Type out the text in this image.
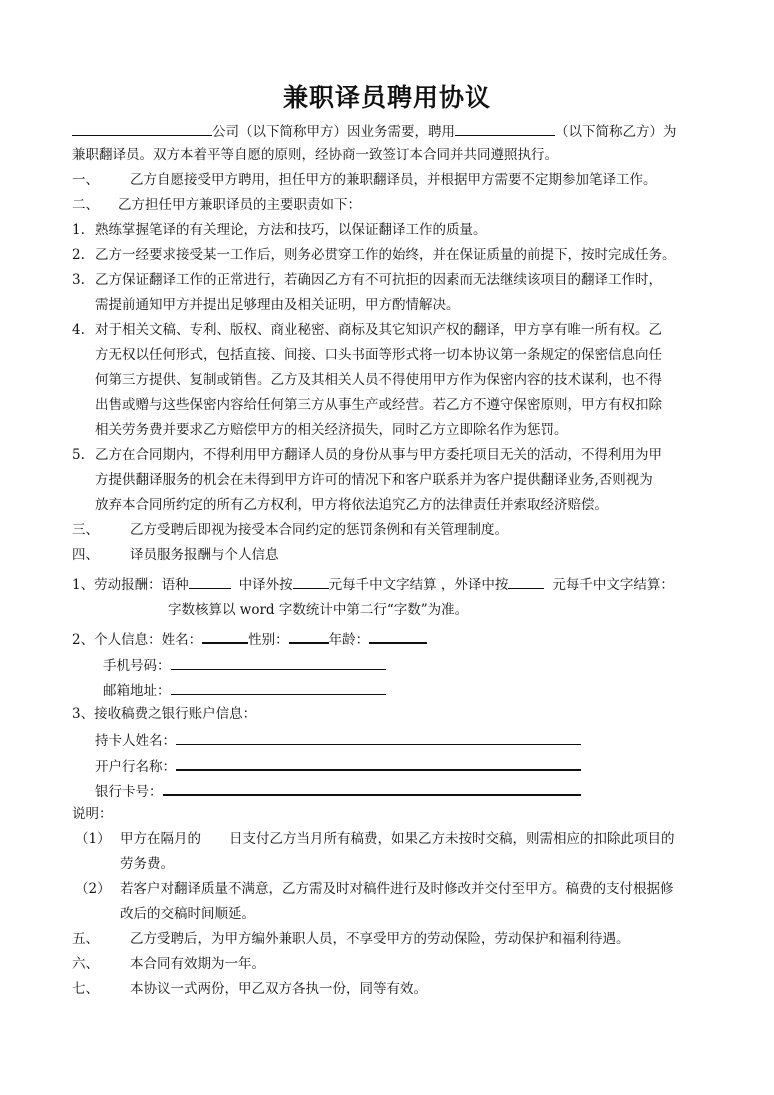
兼职译员聘用协议
公司（以下简称甲方）因业务需要，聘用	（以下简称乙方）为
兼职翻译员。双方本着平等自愿的原则，经协商一致签订本合同并共同遵照执行。
一、 乙方自愿接受甲方聘用，担任甲方的兼职翻译员，并根据甲方需要不定期参加笔译工作。
二、 乙方担任甲方兼职译员的主要职责如下：
1. 熟练掌握笔译的有关理论，方法和技巧，以保证翻译工作的质量。
2. 乙方一经要求接受某一工作后，则务必贯穿工作的始终，并在保证质量的前提下，按时完成任务。
3. 乙方保证翻译工作的正常进行，若确因乙方有不可抗拒的因素而无法继续该项目的翻译工作时，
需提前通知甲方并提出足够理由及相关证明，甲方酌情解决。
4. 对于相关文稿、专利、版权、商业秘密、商标及其它知识产权的翻译，甲方享有唯一所有权。乙
方无权以任何形式，包括直接、间接、口头书面等形式将一切本协议第一条规定的保密信息向任
何第三方提供、复制或销售。乙方及其相关人员不得使用甲方作为保密内容的技术谋利，也不得
出售或赠与这些保密内容给任何第三方从事生产或经营。若乙方不遵守保密原则，甲方有权扣除
相关劳务费并要求乙方赔偿甲方的相关经济损失，同时乙方立即除名作为惩罚。
5. 乙方在合同期内，不得利用甲方翻译人员的身份从事与甲方委托项目无关的活动，不得利用为甲
方提供翻译服务的机会在未得到甲方许可的情况下和客户联系并为客户提供翻译业务,否则视为
放弃本合同所约定的所有乙方权利，甲方将依法追究乙方的法律责任并索取经济赔偿。
三、 乙方受聘后即视为接受本合同约定的惩罚条例和有关管理制度。
四、 译员服务报酬与个人信息
1、劳动报酬：语种	中译外按	元每千中文字结算 ，外译中按	元每千中文字结算：
字数核算以 word 字数统计中第二行“字数”为准。
2、个人信息：姓名：	性别：	年龄：
手机号码：
邮箱地址：
3、接收稿费之银行账户信息：
持卡人姓名：
开户行名称：
银行卡号：
说明：
（1） 甲方在隔月的 日支付乙方当月所有稿费，如果乙方未按时交稿，则需相应的扣除此项目的
劳务费。
（2） 若客户对翻译质量不满意，乙方需及时对稿件进行及时修改并交付至甲方。稿费的支付根据修
改后的交稿时间顺延。
五、 乙方受聘后，为甲方编外兼职人员，不享受甲方的劳动保险，劳动保护和福利待遇。
六、 本合同有效期为一年。
七、 本协议一式两份，甲乙双方各执一份，同等有效。
